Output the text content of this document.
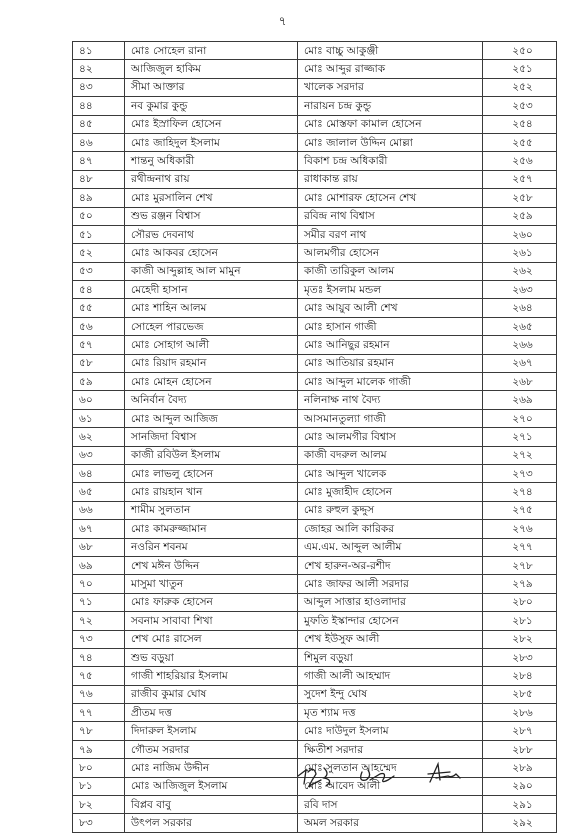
৭
৪১	মোঃ সোহেল রানা	মোঃ বাচ্চু আকুঞ্জী	২৫০
৪২	আজিজুল হাকিম	মোঃ আব্দুর রাজ্জাক	২৫১
৪৩	সীমা আক্তার	খালেক সরদার	২৫২
৪৪	নব কুমার কুন্ডু	নারায়ন চন্দ্র কুন্ডু	২৫৩
৪৫	মোঃ ইস্রাফিল হোসেন	মোঃ মোস্তফা কামাল হোসেন	২৫৪
৪৬	মোঃ জাহিদুল ইসলাম	মোঃ জালাল উদ্দিন মোল্লা	২৫৫
৪৭	শান্তনু অধিকারী	বিকাশ চন্দ্র অধিকারী	২৫৬
৪৮	রথীন্দ্রনাথ রায়	রাধাকান্ত রায়	২৫৭
৪৯	মোঃ মুরসালিন শেখ	মোঃ মোশারফ হোসেন শেখ	২৫৮
৫০	শুভ রঞ্জন বিশ্বাস	রবিন্দ্র নাথ বিশ্বাস	২৫৯
৫১	সৌরভ দেবনাথ	সমীর বরণ নাথ	২৬০
৫২	মোঃ আকবর হোসেন	আলমগীর হোসেন	২৬১
৫৩	কাজী আব্দুল্লাহ আল মামুন	কাজী তারিকুল আলম	২৬২
৫৪	মেহেদী হাসান	মৃতঃ ইসলাম মন্ডল	২৬৩
৫৫	মোঃ শাহিন আলম	মোঃ আয়ুব আলী শেখ	২৬৪
৫৬	সোহেল পারভেজ	মোঃ হাসান গাজী	২৬৫
৫৭	মোঃ সোহাগ আলী	মোঃ আনিছুর রহমান	২৬৬
৫৮	মোঃ রিয়াদ রহমান	মোঃ আতিয়ার রহমান	২৬৭
৫৯	মোঃ মোহন হোসেন	মোঃ আব্দুল মালেক গাজী	২৬৮
৬০	অনির্বান বৈদ্য	নলিনাক্ষ নাথ বৈদ্য	২৬৯
৬১	মোঃ আব্দুল আজিজ	আসমানতুল্যা গাজী	২৭০
৬২	সানজিদা বিশ্বাস	মোঃ আলমগীর বিশ্বাস	২৭১
৬৩	কাজী রবিউল ইসলাম	কাজী বদরুল আলম	২৭২
৬৪	মোঃ লাভলু হোসেন	মোঃ আব্দুল খালেক	২৭৩
৬৫	মোঃ রায়হান খান	মোঃ মুজাহীদ হোসেন	২৭৪
৬৬	শামীম সুলতান	মোঃ রুহুল কুদ্দুস	২৭৫
৬৭	মোঃ কামরুজ্জামান	জোহর আলি কারিকর	২৭৬
৬৮	নওরিন শবনম	এম.এম. আব্দুল আলীম	২৭৭
৬৯	শেখ মঈন উদ্দিন	শেখ হারুন-অর-রশীদ	২৭৮
৭০	মাসুমা খাতুন	মোঃ জাফর আলী সরদার	২৭৯
৭১	মোঃ ফারুক হোসেন	আব্দুল সাত্তার হাওলাদার	২৮০
৭২	সবনাম সাবাবা শিখা	মুফতি ইস্কান্দার হোসেন	২৮১
৭৩	শেখ মোঃ রাসেল	শেখ ইউসুফ আলী	২৮২
৭৪	শুভ বড়ুয়া	শিমুল বড়ুয়া	২৮৩
৭৫	গাজী শাহরিয়ার ইসলাম	গাজী আলী আহম্মাদ	২৮৪
৭৬	রাজীব কুমার ঘোষ	সুদেশ ইন্দু ঘোষ	২৮৫
৭৭	প্রীতম দত্ত	মৃত শ্যাম দত্ত	২৮৬
৭৮	দিদারুল ইসলাম	মোঃ দাউদুল ইসলাম	২৮৭
৭৯	গৌতম সরদার	ক্ষিতীশ সরদার	২৮৮
৮০	মোঃ নাজিম উদ্দীন	মোঃ সুলতান আহম্মেদ	২৮৯
৮১	মোঃ আজিজুল ইসলাম	মোঃ আবেদ আলী	২৯০
৮২	বিপ্লব বাবু	রবি দাস	২৯১
৮৩	উৎপল সরকার	অমল সরকার	২৯২
